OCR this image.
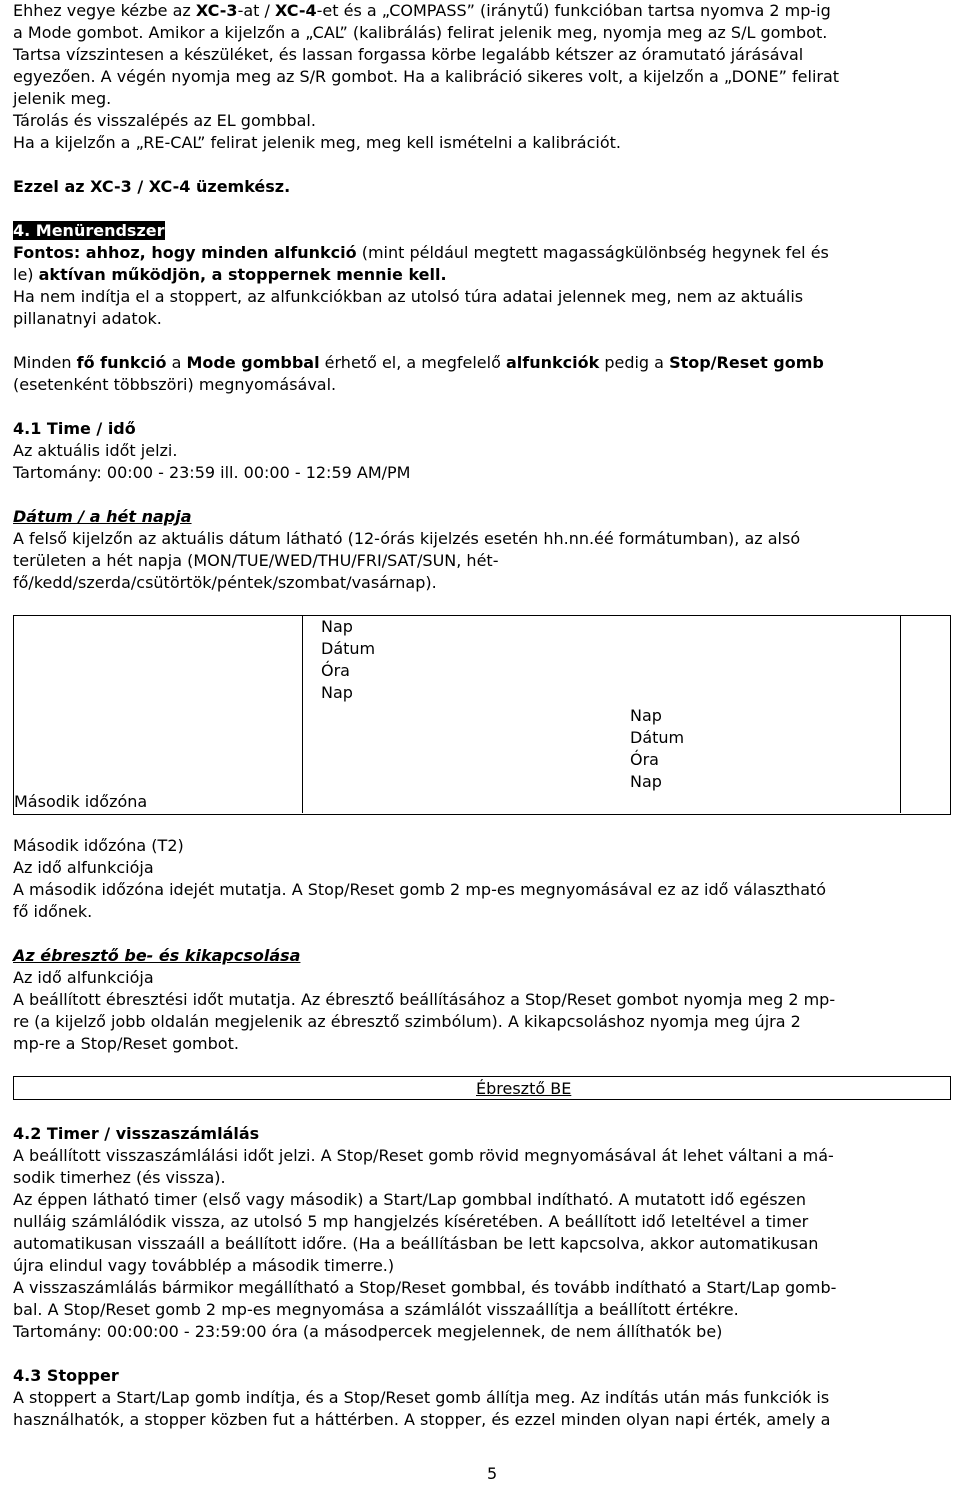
Ehhez vegye kézbe az XC-3-at / XC-4-et és a „COMPASS” (iránytű) funkcióban tartsa nyomva 2 mp-ig

a Mode gombot. Amikor a kijelzőn a „CAL” (kalibrálás) felirat jelenik meg, nyomja meg az S/L gombot.

Tartsa vízszintesen a készüléket, és lassan forgassa körbe legalább kétszer az óramutató járásával

egyezően. A végén nyomja meg az S/R gombot. Ha a kalibráció sikeres volt, a kijelzőn a „DONE” felirat

jelenik meg.

Tárolás és visszalépés az EL gombbal.

Ha a kijelzőn a „RE-CAL” felirat jelenik meg, meg kell ismételni a kalibrációt.

Ezzel az XC-3 / XC-4 üzemkész.

4. Menürendszer

Fontos: ahhoz, hogy minden alfunkció (mint például megtett magasságkülönbség hegynek fel és

le) aktívan működjön, a stoppernek mennie kell.

Ha nem indítja el a stoppert, az alfunkciókban az utolsó túra adatai jelennek meg, nem az aktuális

pillanatnyi adatok.

Minden fő funkció a Mode gombbal érhető el, a megfelelő alfunkciók pedig a Stop/Reset gomb

(esetenként többszöri) megnyomásával.

4.1 Time / idő

Az aktuális időt jelzi.

Tartomány: 00:00 - 23:59 ill. 00:00 - 12:59 AM/PM

Dátum / a hét napja

A felső kijelzőn az aktuális dátum látható (12-órás kijelzés esetén hh.nn.éé formátumban), az alsó

területen a hét napja (MON/TUE/WED/THU/FRI/SAT/SUN, hét-

fő/kedd/szerda/csütörtök/péntek/szombat/vasárnap).

Második időzóna

Nap

Dátum

Óra

Nap

Nap

Dátum

Óra

Nap

Második időzóna (T2)

Az idő alfunkciója

A második időzóna idejét mutatja. A Stop/Reset gomb 2 mp-es megnyomásával ez az idő választható

fő időnek.

Az ébresztő be- és kikapcsolása

Az idő alfunkciója

A beállított ébresztési időt mutatja. Az ébresztő beállításához a Stop/Reset gombot nyomja meg 2 mp-

re (a kijelző jobb oldalán megjelenik az ébresztő szimbólum). A kikapcsoláshoz nyomja meg újra 2

mp-re a Stop/Reset gombot.

Ébresztő BE

4.2 Timer / visszaszámlálás

A beállított visszaszámlálási időt jelzi. A Stop/Reset gomb rövid megnyomásával át lehet váltani a má-

sodik timerhez (és vissza).

Az éppen látható timer (első vagy második) a Start/Lap gombbal indítható. A mutatott idő egészen

nulláig számlálódik vissza, az utolsó 5 mp hangjelzés kíséretében. A beállított idő leteltével a timer

automatikusan visszaáll a beállított időre. (Ha a beállításban be lett kapcsolva, akkor automatikusan

újra elindul vagy továbblép a második timerre.)

A visszaszámlálás bármikor megállítható a Stop/Reset gombbal, és tovább indítható a Start/Lap gomb-

bal. A Stop/Reset gomb 2 mp-es megnyomása a számlálót visszaállítja a beállított értékre.

Tartomány: 00:00:00 - 23:59:00 óra (a másodpercek megjelennek, de nem állíthatók be)

4.3 Stopper

A stoppert a Start/Lap gomb indítja, és a Stop/Reset gomb állítja meg. Az indítás után más funkciók is

használhatók, a stopper közben fut a háttérben. A stopper, és ezzel minden olyan napi érték, amely a

5
